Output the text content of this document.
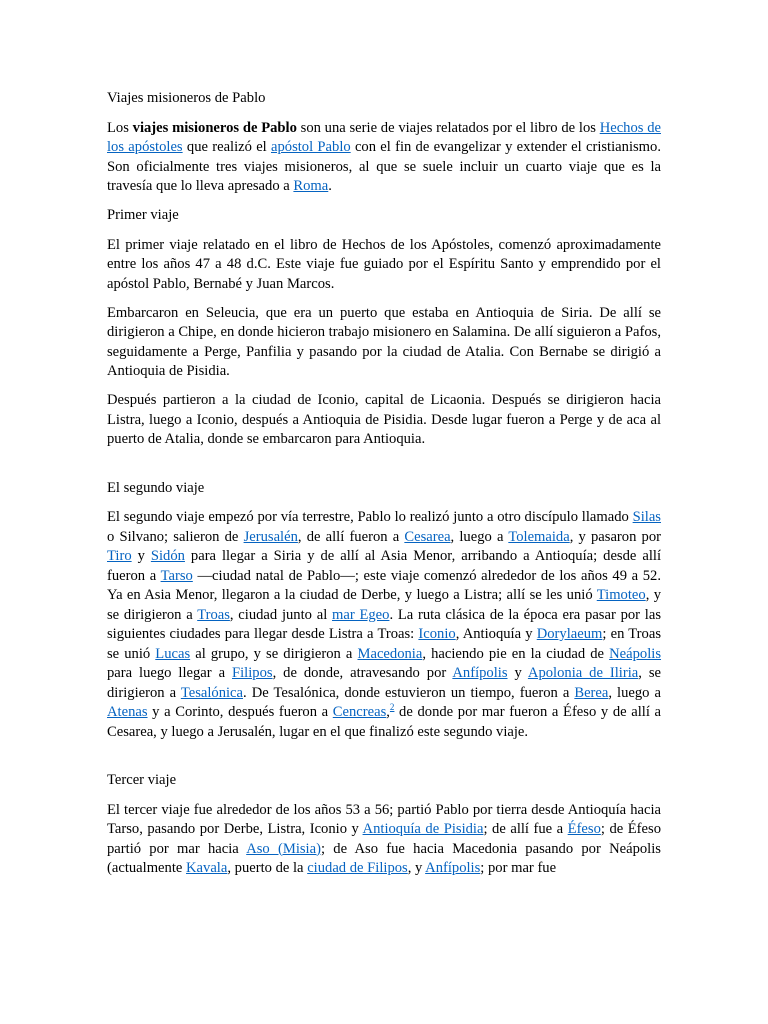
Viajes misioneros de Pablo

Los viajes misioneros de Pablo son una serie de viajes relatados por el libro de los Hechos de los apóstoles que realizó el apóstol Pablo con el fin de evangelizar y extender el cristianismo. Son oficialmente tres viajes misioneros, al que se suele incluir un cuarto viaje que es la travesía que lo lleva apresado a Roma.

Primer viaje

El primer viaje relatado en el libro de Hechos de los Apóstoles, comenzó aproximadamente entre los años 47 a 48 d.C. Este viaje fue guiado por el Espíritu Santo y emprendido por el apóstol Pablo, Bernabé y Juan Marcos.

Embarcaron en Seleucia, que era un puerto que estaba en Antioquia de Siria. De allí se dirigieron a Chipe, en donde hicieron trabajo misionero en Salamina. De allí siguieron a Pafos, seguidamente a Perge, Panfilia y pasando por la ciudad de Atalia. Con Bernabe se dirigió a Antioquia de Pisidia.

Después partieron a la ciudad de Iconio, capital de Licaonia. Después se dirigieron hacia Listra, luego a Iconio, después a Antioquia de Pisidia. Desde lugar fueron a Perge y de aca al puerto de Atalia, donde se embarcaron para Antioquia.

El segundo viaje

El segundo viaje empezó por vía terrestre, Pablo lo realizó junto a otro discípulo llamado Silas o Silvano; salieron de Jerusalén, de allí fueron a Cesarea, luego a Tolemaida, y pasaron por Tiro y Sidón para llegar a Siria y de allí al Asia Menor, arribando a Antioquía; desde allí fueron a Tarso —ciudad natal de Pablo—; este viaje comenzó alrededor de los años 49 a 52. Ya en Asia Menor, llegaron a la ciudad de Derbe, y luego a Listra; allí se les unió Timoteo, y se dirigieron a Troas, ciudad junto al mar Egeo. La ruta clásica de la época era pasar por las siguientes ciudades para llegar desde Listra a Troas: Iconio, Antioquía y Dorylaeum; en Troas se unió Lucas al grupo, y se dirigieron a Macedonia, haciendo pie en la ciudad de Neápolis para luego llegar a Filipos, de donde, atravesando por Anfípolis y Apolonia de Iliria, se dirigieron a Tesalónica. De Tesalónica, donde estuvieron un tiempo, fueron a Berea, luego a Atenas y a Corinto, después fueron a Cencreas,$^2$ de donde por mar fueron a Éfeso y de allí a Cesarea, y luego a Jerusalén, lugar en el que finalizó este segundo viaje.

Tercer viaje

El tercer viaje fue alrededor de los años 53 a 56; partió Pablo por tierra desde Antioquía hacia Tarso, pasando por Derbe, Listra, Iconio y Antioquía de Pisidia; de allí fue a Éfeso; de Éfeso partió por mar hacia Aso (Misia); de Aso fue hacia Macedonia pasando por Neápolis (actualmente Kavala, puerto de la ciudad de Filipos, y Anfípolis; por mar fue
